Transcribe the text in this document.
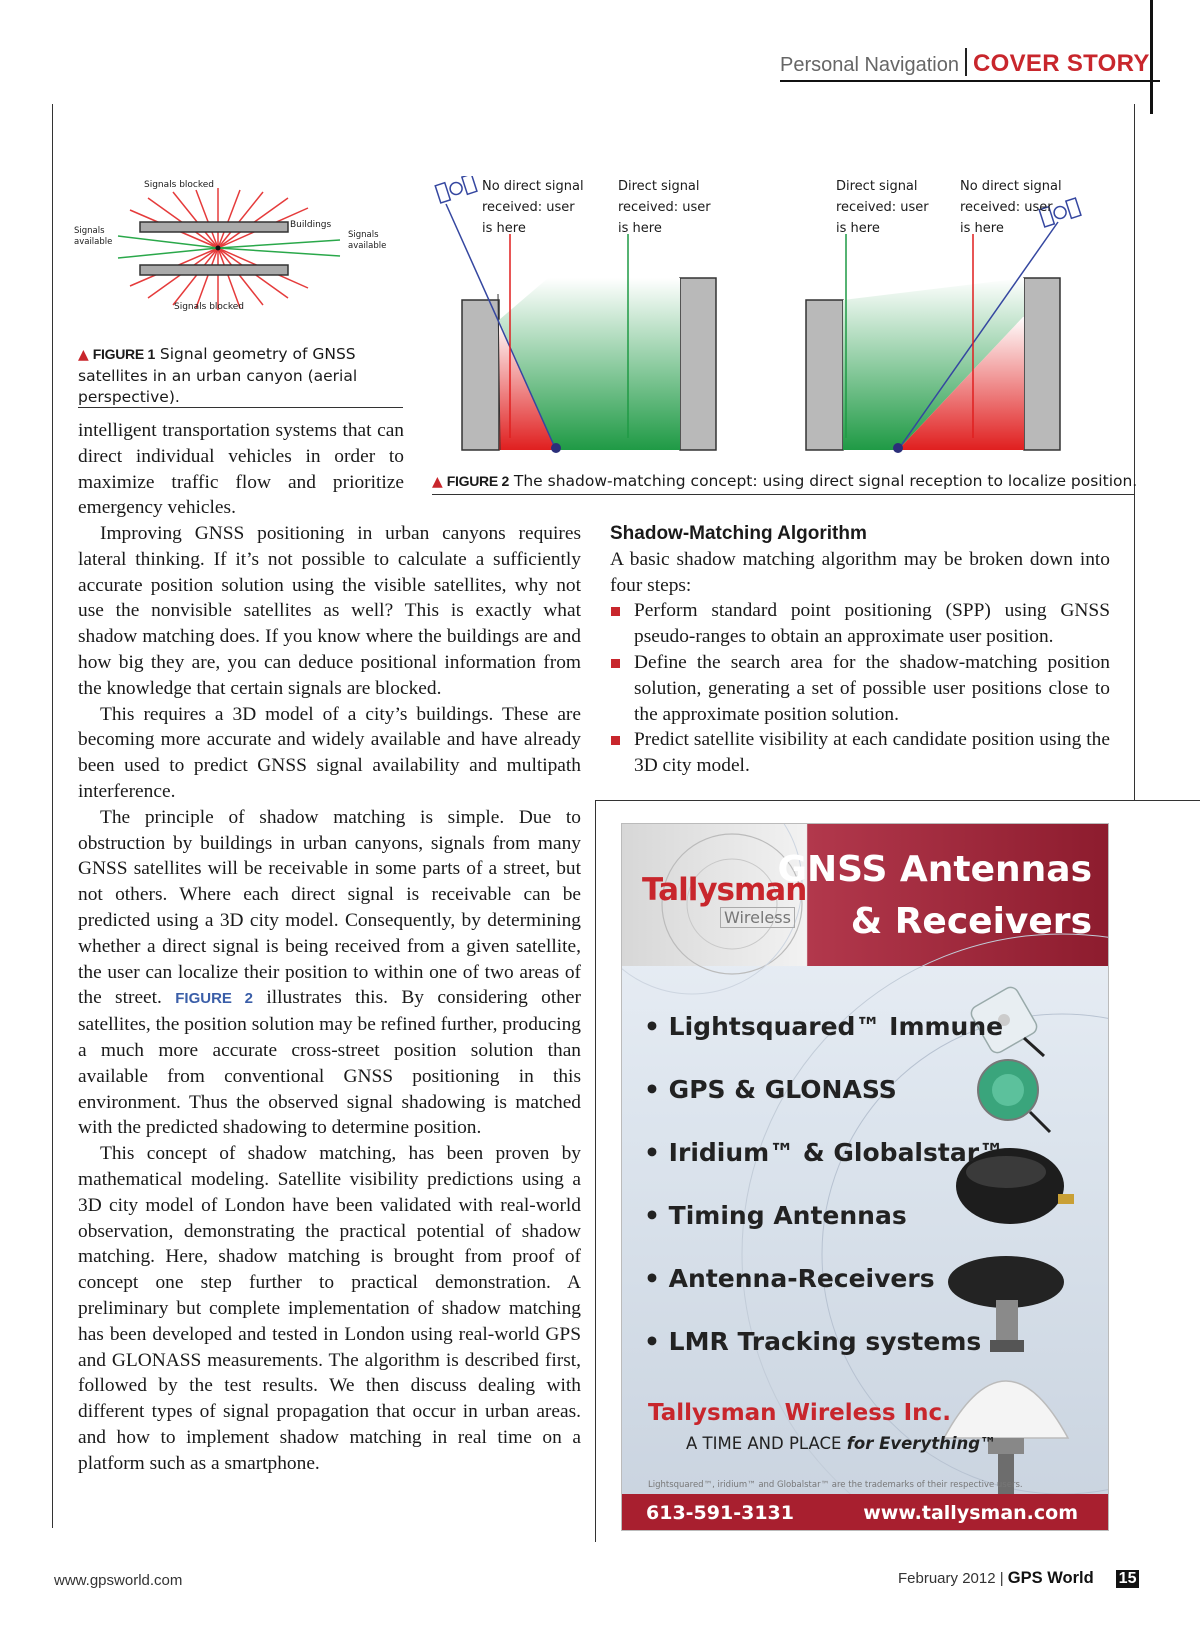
Personal Navigation COVER STORY
Signals blocked
Signals blocked
Buildings
Signals available
Signals available
▲ FIGURE 1 Signal geometry of GNSS satellites in an urban canyon (aerial perspective).
No direct signal received: user is here
Direct signal received: user is here
Direct signal received: user is here
No direct signal received: user is here
▲ FIGURE 2 The shadow-matching concept: using direct signal reception to localize position.

intelligent transportation systems that can direct individual vehicles in order to maximize traffic flow and prioritize emergency vehicles.

Improving GNSS positioning in urban canyons requires lateral thinking. If it’s not possible to calculate a sufficiently accurate position solution using the visible satellites, why not use the nonvisible satellites as well? This is exactly what shadow matching does. If you know where the buildings are and how big they are, you can deduce positional information from the knowledge that certain signals are blocked.

This requires a 3D model of a city’s buildings. These are becoming more accurate and widely available and have already been used to predict GNSS signal availability and multipath interference.

The principle of shadow matching is simple. Due to obstruction by buildings in urban canyons, signals from many GNSS satellites will be receivable in some parts of a street, but not others. Where each direct signal is receivable can be predicted using a 3D city model. Consequently, by determining whether a direct signal is being received from a given satellite, the user can localize their position to within one of two areas of the street. FIGURE 2 illustrates this. By considering other satellites, the position solution may be refined further, producing a much more accurate cross-street position solution than available from conventional GNSS positioning in this environment. Thus the observed signal shadowing is matched with the predicted shadowing to determine position.

This concept of shadow matching, has been proven by mathematical modeling. Satellite visibility predictions using a 3D city model of London have been validated with real-world observation, demonstrating the practical potential of shadow matching. Here, shadow matching is brought from proof of concept one step further to practical demonstration. A preliminary but complete implementation of shadow matching has been developed and tested in London using real-world GPS and GLONASS measurements. The algorithm is described first, followed by the test results. We then discuss dealing with different types of signal propagation that occur in urban areas. and how to implement shadow matching in real time on a platform such as a smartphone.

Shadow-Matching Algorithm

A basic shadow matching algorithm may be broken down into four steps:

Perform standard point positioning (SPP) using GNSS pseudo-ranges to obtain an approximate user position.
Define the search area for the shadow-matching position solution, generating a set of possible user positions close to the approximate position solution.
Predict satellite visibility at each candidate position using the 3D city model.
Tallysman
Wireless
GNSS Antennas
& Receivers
• Lightsquared™ Immune
• GPS & GLONASS
• Iridium™ & Globalstar™
• Timing Antennas
• Antenna-Receivers
• LMR Tracking systems
Tallysman Wireless Inc.
A TIME AND PLACE for Everything™
Lightsquared™, iridium™ and Globalstar™ are the trademarks of their respective users.
613-591-3131	www.tallysman.com
www.gpsworld.com	February 2012 | GPS World 15
